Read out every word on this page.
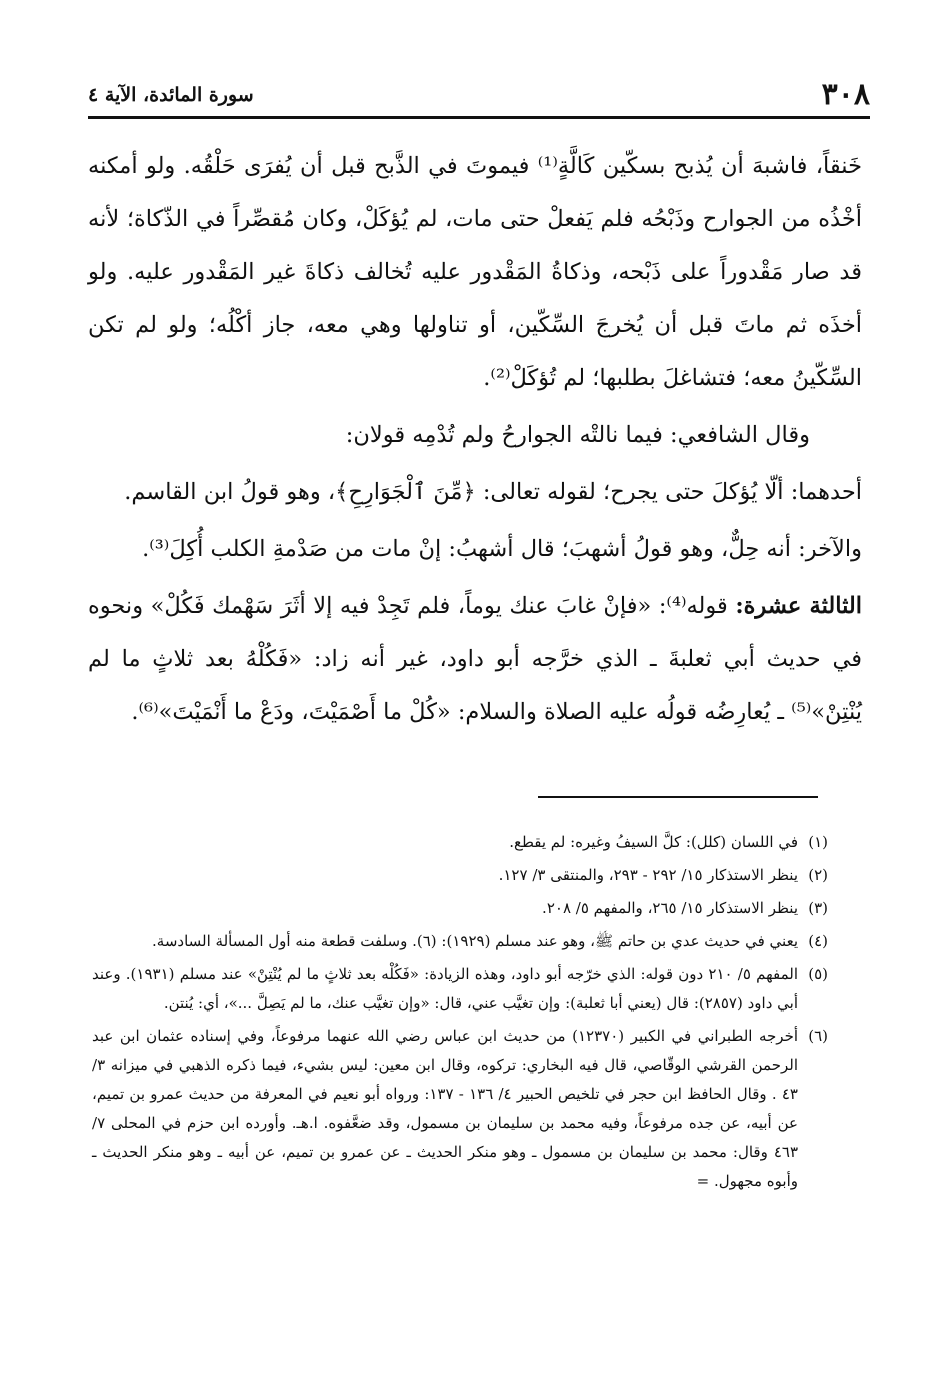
٣٠٨
سورة المائدة، الآية ٤

خَنقاً، فاشبهَ أن يُذبح بسكّين كَالَّةٍ⁽¹⁾ فيموتَ في الذَّبح قبل أن يُفرَى حَلْقُه. ولو أمكنه أخْذُه من الجوارح وذَبْحُه فلم يَفعلْ حتى مات، لم يُؤكَلْ، وكان مُقصِّراً في الذّكاة؛ لأنه قد صار مَقْدوراً على ذَبْحه، وذكاةُ المَقْدور عليه تُخالف ذكاةَ غير المَقْدور عليه. ولو أخذَه ثم ماتَ قبل أن يُخرجَ السِّكّين، أو تناولها وهي معه، جاز أكْلُه؛ ولو لم تكن السِّكّينُ معه؛ فتشاغلَ بطلبها؛ لم تُؤكَلْ⁽²⁾.

وقال الشافعي: فيما نالتْه الجوارحُ ولم تُدْمِه قولان:

أحدهما: ألّا يُؤكلَ حتى يجرح؛ لقوله تعالى: ﴿مِّنَ ٱلْجَوَارِحِ﴾، وهو قولُ ابن القاسم.

والآخر: أنه حِلٌّ، وهو قولُ أشهبَ؛ قال أشهبُ: إنْ مات من صَدْمةِ الكلب أُكِلَ⁽³⁾.

الثالثة عشرة: قوله⁽⁴⁾: «فإنْ غابَ عنك يوماً، فلم تَجِدْ فيه إلا أثَرَ سَهْمك فَكُلْ» ونحوه في حديث أبي ثعلبةَ ـ الذي خرَّجه أبو داود، غير أنه زاد: «فَكُلْهُ بعد ثلاثٍ ما لم يُنْتِنْ»⁽⁵⁾ ـ يُعارِضُه قولُه عليه الصلاة والسلام: «كُلْ ما أَصْمَيْتَ، ودَعْ ما أَنْمَيْتَ»⁽⁶⁾.

(١)في اللسان (كلل): كلَّ السيفُ وغيره: لم يقطع.

(٢)ينظر الاستذكار ١٥/ ٢٩٢ - ٢٩٣، والمنتقى ٣/ ١٢٧.

(٣)ينظر الاستذكار ١٥/ ٢٦٥، والمفهم ٥/ ٢٠٨.

(٤)يعني في حديث عدي بن حاتم ﷺ، وهو عند مسلم (١٩٢٩): (٦). وسلفت قطعة منه أول المسألة السادسة.

(٥)المفهم ٥/ ٢١٠ دون قوله: الذي خرّجه أبو داود، وهذه الزيادة: «فَكُلْه بعد ثلاثٍ ما لم يُنْتِنْ» عند مسلم (١٩٣١). وعند أبي داود (٢٨٥٧): قال (يعني أبا ثعلبة): وإن تغيَّب عني، قال: «وإن تغيَّب عنك، ما لم يَصِلَّ ...»، أي: يُنتن.

(٦)أخرجه الطبراني في الكبير (١٢٣٧٠) من حديث ابن عباس رضي الله عنهما مرفوعاً، وفي إسناده عثمان ابن عبد الرحمن القرشي الوقّاصي، قال فيه البخاري: تركوه، وقال ابن معين: ليس بشيء، فيما ذكره الذهبي في ميزانه ٣/ ٤٣ . وقال الحافظ ابن حجر في تلخيص الحبير ٤/ ١٣٦ - ١٣٧: ورواه أبو نعيم في المعرفة من حديث عمرو بن تميم، عن أبيه، عن جده مرفوعاً، وفيه محمد بن سليمان بن مسمول، وقد ضعَّفوه. ا.هـ. وأورده ابن حزم في المحلى ٧/ ٤٦٣ وقال: محمد بن سليمان بن مسمول ـ وهو منكر الحديث ـ عن عمرو بن تميم، عن أبيه ـ وهو منكر الحديث ـ وأبوه مجهول. =
